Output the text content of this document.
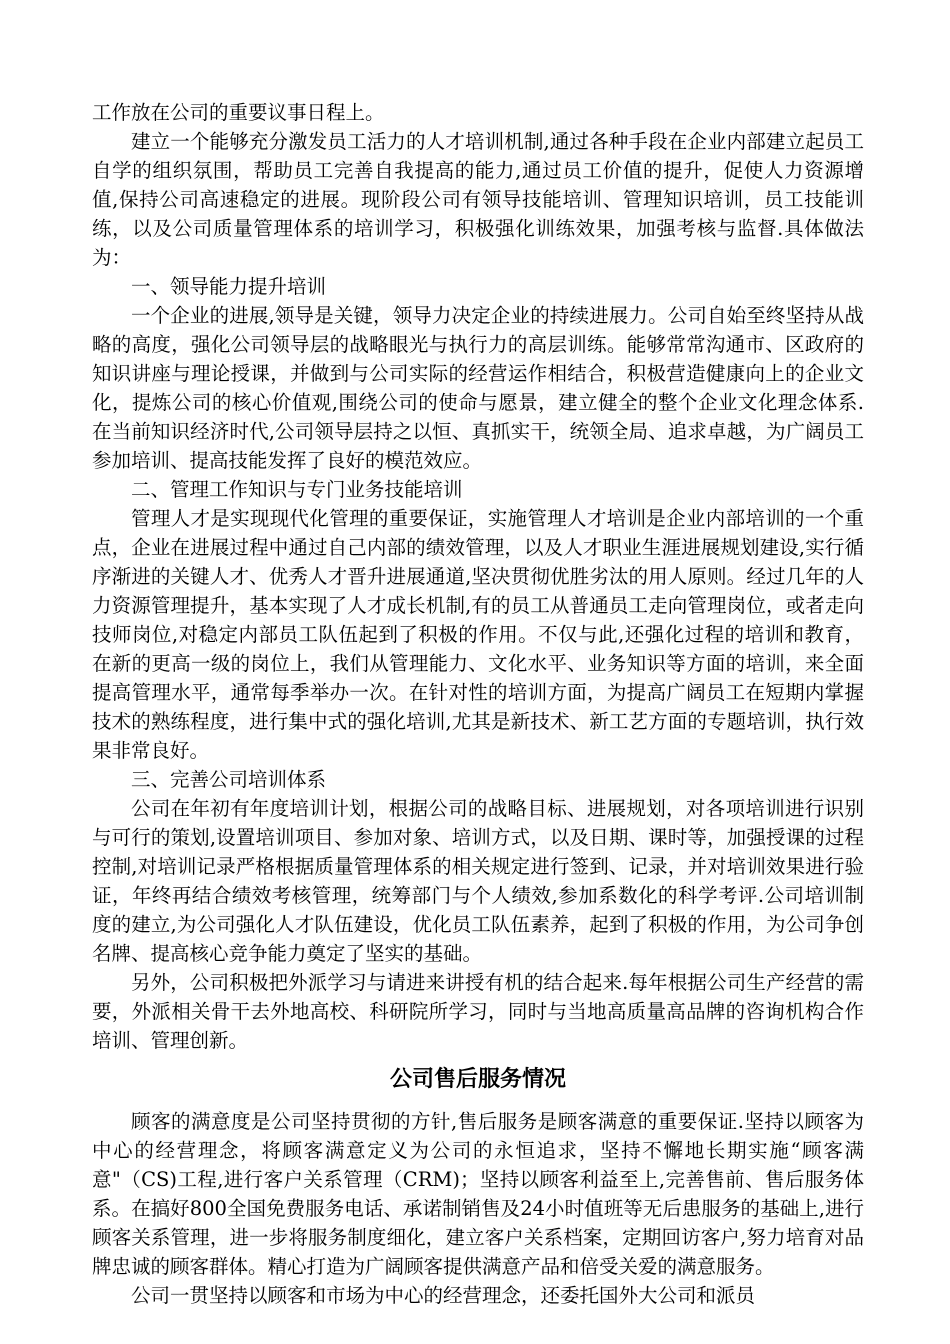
工作放在公司的重要议事日程上。

建立一个能够充分激发员工活力的人才培训机制,通过各种手段在企业内部建立起员工自学的组织氛围，帮助员工完善自我提高的能力,通过员工价值的提升，促使人力资源增值,保持公司高速稳定的进展。现阶段公司有领导技能培训、管理知识培训，员工技能训练，以及公司质量管理体系的培训学习，积极强化训练效果，加强考核与监督.具体做法为：

一、领导能力提升培训

一个企业的进展,领导是关键，领导力决定企业的持续进展力。公司自始至终坚持从战略的高度，强化公司领导层的战略眼光与执行力的高层训练。能够常常沟通市、区政府的知识讲座与理论授课，并做到与公司实际的经营运作相结合，积极营造健康向上的企业文化，提炼公司的核心价值观,围绕公司的使命与愿景，建立健全的整个企业文化理念体系.在当前知识经济时代,公司领导层持之以恒、真抓实干，统领全局、追求卓越，为广阔员工参加培训、提高技能发挥了良好的模范效应。

二、管理工作知识与专门业务技能培训

管理人才是实现现代化管理的重要保证，实施管理人才培训是企业内部培训的一个重点，企业在进展过程中通过自己内部的绩效管理，以及人才职业生涯进展规划建设,实行循序渐进的关键人才、优秀人才晋升进展通道,坚决贯彻优胜劣汰的用人原则。经过几年的人力资源管理提升，基本实现了人才成长机制,有的员工从普通员工走向管理岗位，或者走向技师岗位,对稳定内部员工队伍起到了积极的作用。不仅与此,还强化过程的培训和教育，在新的更高一级的岗位上，我们从管理能力、文化水平、业务知识等方面的培训，来全面提高管理水平，通常每季举办一次。在针对性的培训方面，为提高广阔员工在短期内掌握技术的熟练程度，进行集中式的强化培训,尤其是新技术、新工艺方面的专题培训，执行效果非常良好。

三、完善公司培训体系

公司在年初有年度培训计划，根据公司的战略目标、进展规划，对各项培训进行识别与可行的策划,设置培训项目、参加对象、培训方式，以及日期、课时等，加强授课的过程控制,对培训记录严格根据质量管理体系的相关规定进行签到、记录，并对培训效果进行验证，年终再结合绩效考核管理，统筹部门与个人绩效,参加系数化的科学考评.公司培训制度的建立,为公司强化人才队伍建设，优化员工队伍素养，起到了积极的作用，为公司争创名牌、提高核心竞争能力奠定了坚实的基础。

另外，公司积极把外派学习与请进来讲授有机的结合起来.每年根据公司生产经营的需要，外派相关骨干去外地高校、科研院所学习，同时与当地高质量高品牌的咨询机构合作培训、管理创新。

公司售后服务情况

顾客的满意度是公司坚持贯彻的方针,售后服务是顾客满意的重要保证.坚持以顾客为中心的经营理念，将顾客满意定义为公司的永恒追求，坚持不懈地长期实施“顾客满意"（CS)工程,进行客户关系管理（CRM)；坚持以顾客利益至上,完善售前、售后服务体系。在搞好800全国免费服务电话、承诺制销售及24小时值班等无后患服务的基础上,进行顾客关系管理，进一步将服务制度细化，建立客户关系档案，定期回访客户,努力培育对品牌忠诚的顾客群体。精心打造为广阔顾客提供满意产品和倍受关爱的满意服务。

公司一贯坚持以顾客和市场为中心的经营理念，还委托国外大公司和派员
